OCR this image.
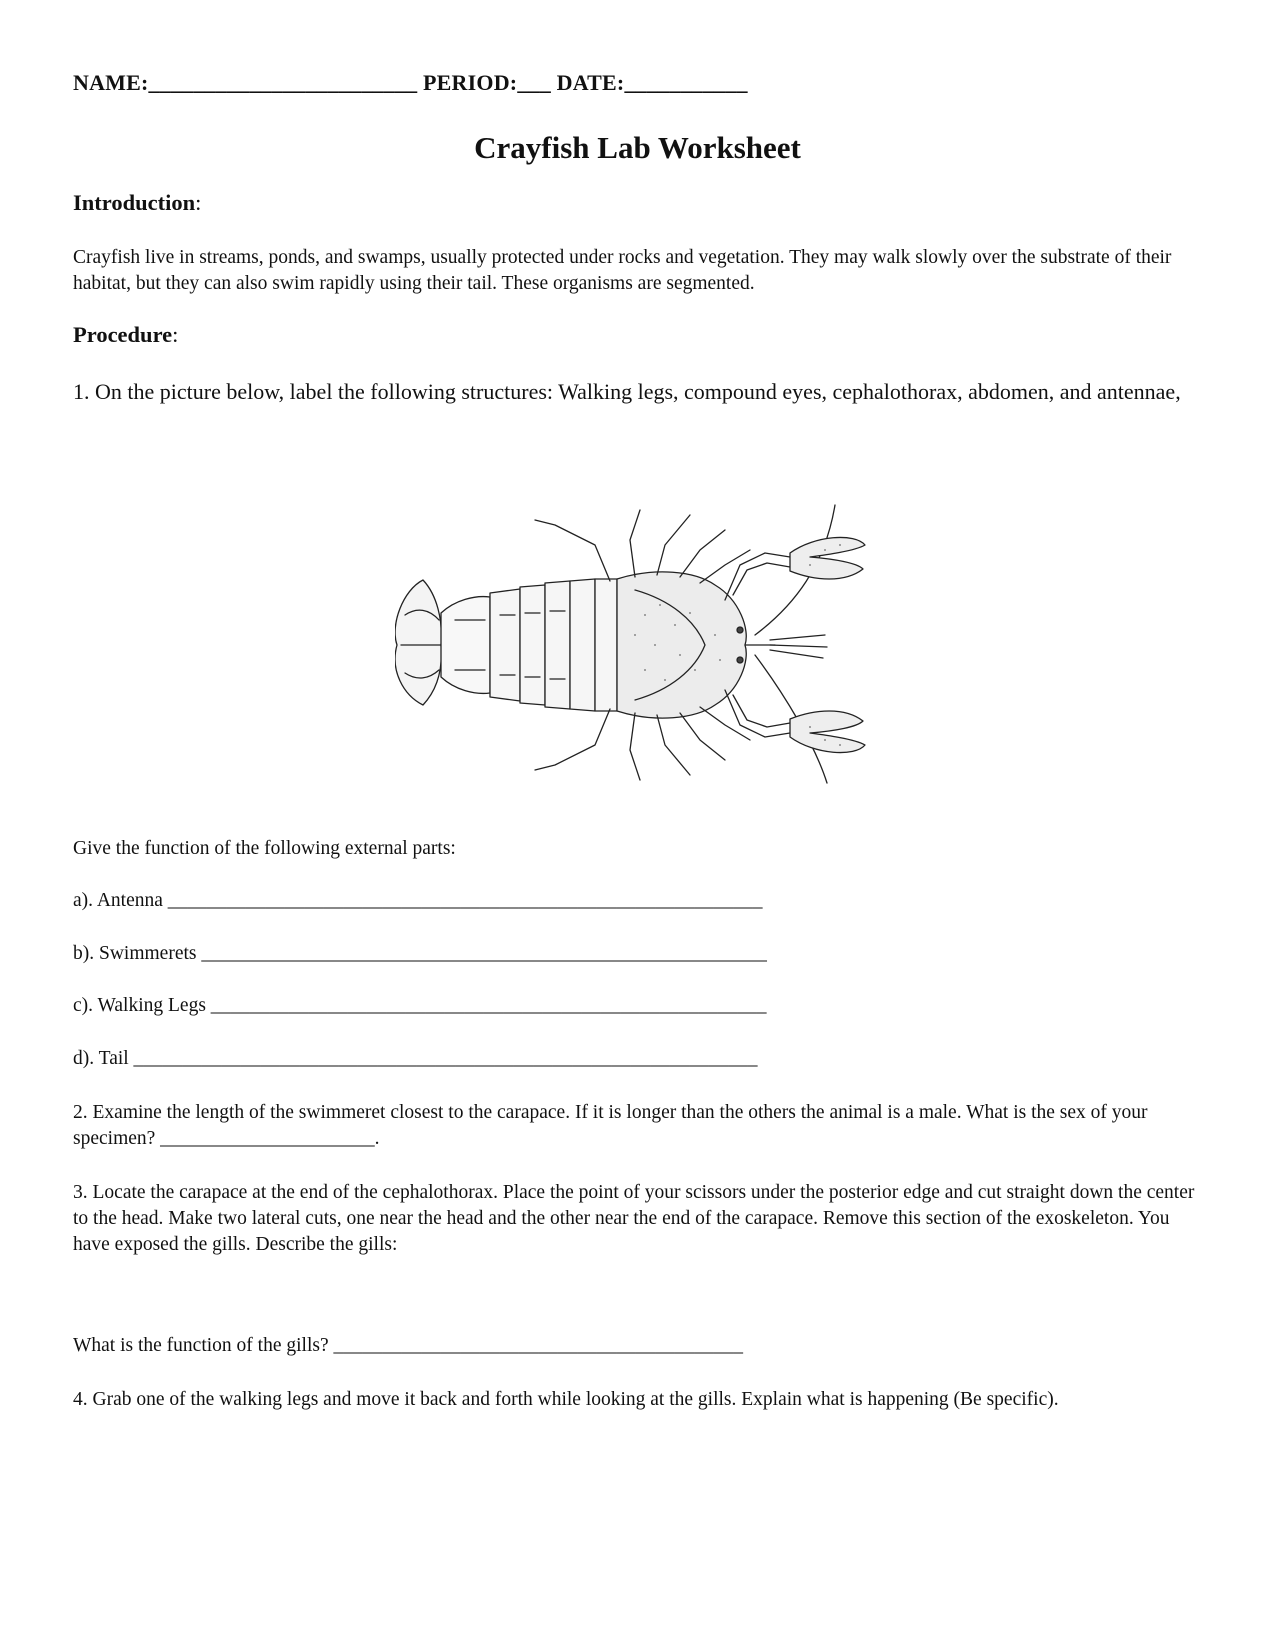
NAME:________________________ PERIOD:___ DATE:___________
Crayfish Lab Worksheet
Introduction:
Crayfish live in streams, ponds, and swamps, usually protected under rocks and vegetation. They may walk slowly over the substrate of their habitat, but they can also swim rapidly using their tail. These organisms are segmented.
Procedure:
1. On the picture below, label the following structures: Walking legs, compound eyes, cephalothorax, abdomen, and antennae,
Give the function of the following external parts:
a). Antenna _____________________________________________________________
b). Swimmerets __________________________________________________________
c). Walking Legs _________________________________________________________
d). Tail ________________________________________________________________
2. Examine the length of the swimmeret closest to the carapace. If it is longer than the others the animal is a male. What is the sex of your specimen? ______________________.
3. Locate the carapace at the end of the cephalothorax. Place the point of your scissors under the posterior edge and cut straight down the center to the head. Make two lateral cuts, one near the head and the other near the end of the carapace. Remove this section of the exoskeleton. You have exposed the gills. Describe the gills:
What is the function of the gills? __________________________________________
4. Grab one of the walking legs and move it back and forth while looking at the gills. Explain what is happening (Be specific).
